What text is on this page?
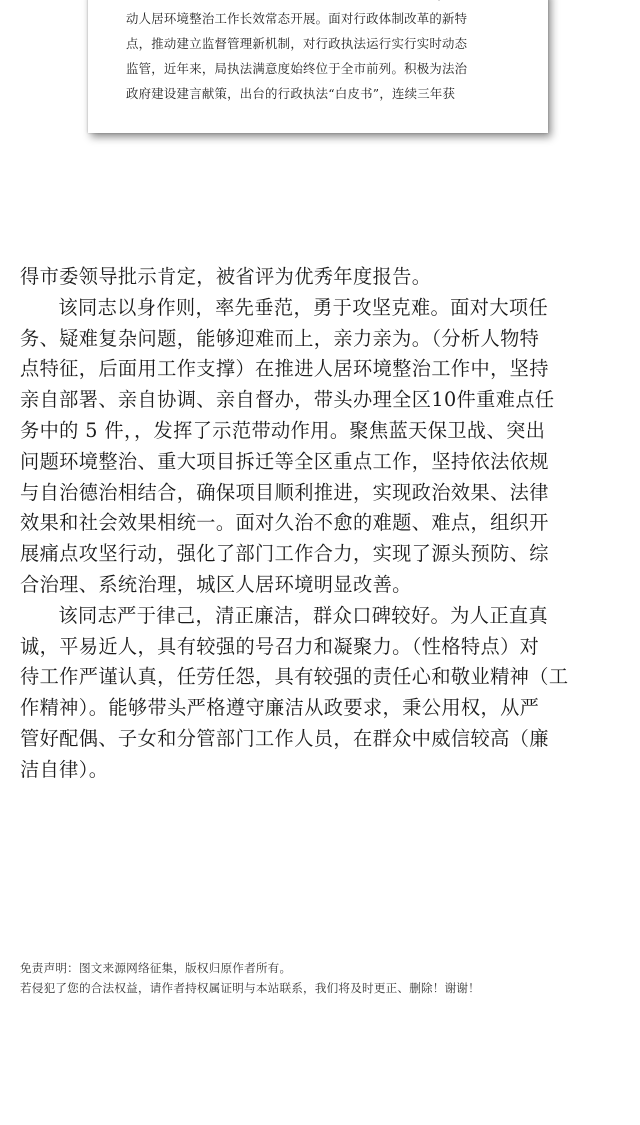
动人居环境整治工作长效常态开展。面对行政体制改革的新特
点，推动建立监督管理新机制，对行政执法运行实行实时动态
监管，近年来，局执法满意度始终位于全市前列。积极为法治
政府建设建言献策，出台的行政执法“白皮书”，连续三年获
得市委领导批示肯定，被省评为优秀年度报告。
该同志以身作则，率先垂范，勇于攻坚克难。面对大项任
务、疑难复杂问题，能够迎难而上，亲力亲为。（分析人物特
点特征，后面用工作支撑）在推进人居环境整治工作中，坚持
亲自部署、亲自协调、亲自督办，带头办理全区10件重难点任
务中的 5 件，，发挥了示范带动作用。聚焦蓝天保卫战、突出
问题环境整治、重大项目拆迁等全区重点工作，坚持依法依规
与自治德治相结合，确保项目顺利推进，实现政治效果、法律
效果和社会效果相统一。面对久治不愈的难题、难点，组织开
展痛点攻坚行动，强化了部门工作合力，实现了源头预防、综
合治理、系统治理，城区人居环境明显改善。
该同志严于律己，清正廉洁，群众口碑较好。为人正直真
诚，平易近人，具有较强的号召力和凝聚力。（性格特点）对
待工作严谨认真，任劳任怨，具有较强的责任心和敬业精神（工
作精神）。能够带头严格遵守廉洁从政要求，秉公用权，从严
管好配偶、子女和分管部门工作人员，在群众中威信较高（廉
洁自律）。
免责声明：图文来源网络征集，版权归原作者所有。
若侵犯了您的合法权益，请作者持权属证明与本站联系，我们将及时更正、删除！谢谢！
